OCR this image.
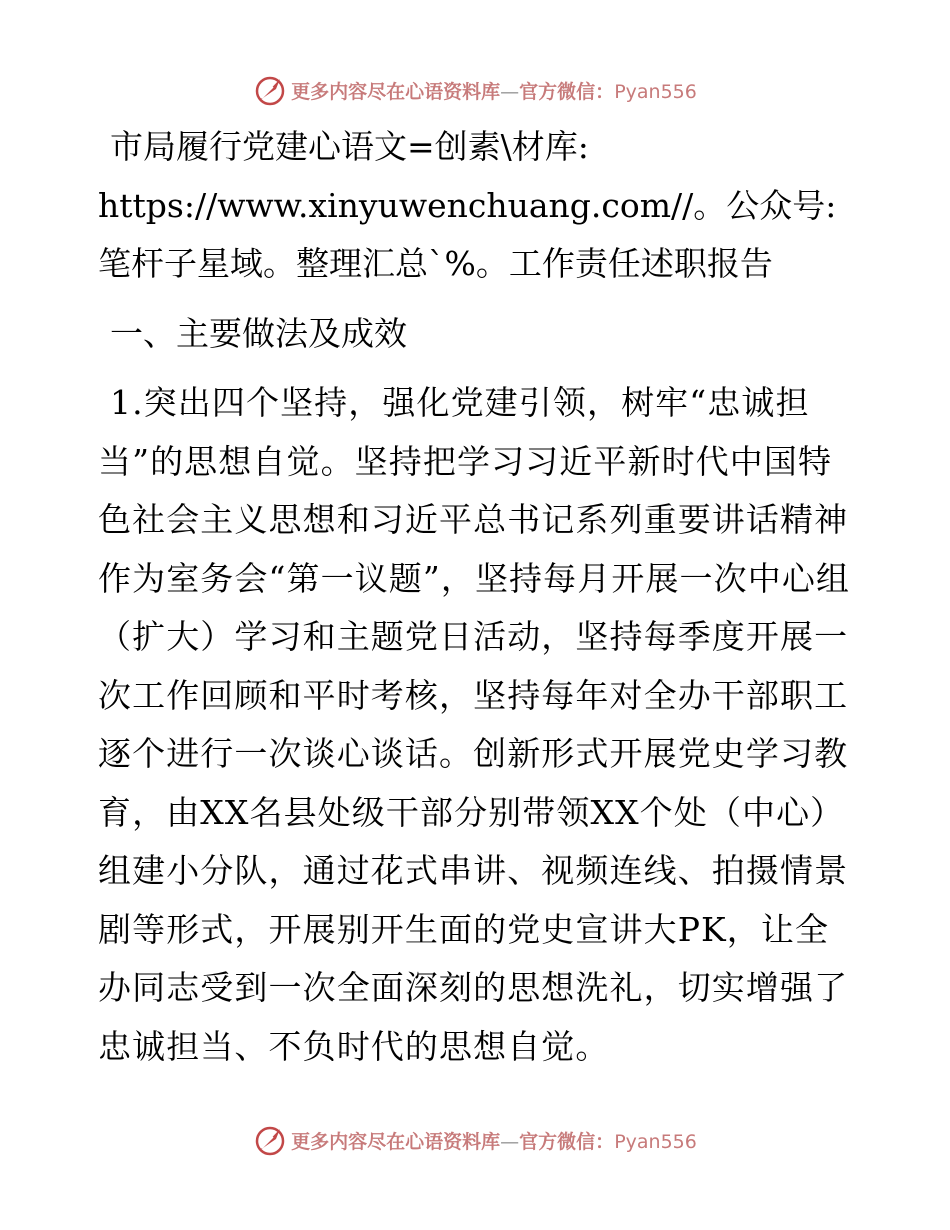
更多内容尽在心语资料库—官方微信：Pyan556

市局履行党建心语文=创素\材库: https://www.xinyuwenchuang.com//。公众号: 笔杆子星域。整理汇总`%。工作责任述职报告

一、主要做法及成效

1.突出四个坚持，强化党建引领，树牢“忠诚担当”的思想自觉。坚持把学习习近平新时代中国特色社会主义思想和习近平总书记系列重要讲话精神作为室务会“第一议题”，坚持每月开展一次中心组（扩大）学习和主题党日活动，坚持每季度开展一次工作回顾和平时考核，坚持每年对全办干部职工逐个进行一次谈心谈话。创新形式开展党史学习教育，由XX名县处级干部分别带领XX个处（中心）组建小分队，通过花式串讲、视频连线、拍摄情景剧等形式，开展别开生面的党史宣讲大PK，让全办同志受到一次全面深刻的思想洗礼，切实增强了忠诚担当、不负时代的思想自觉。

更多内容尽在心语资料库—官方微信：Pyan556
